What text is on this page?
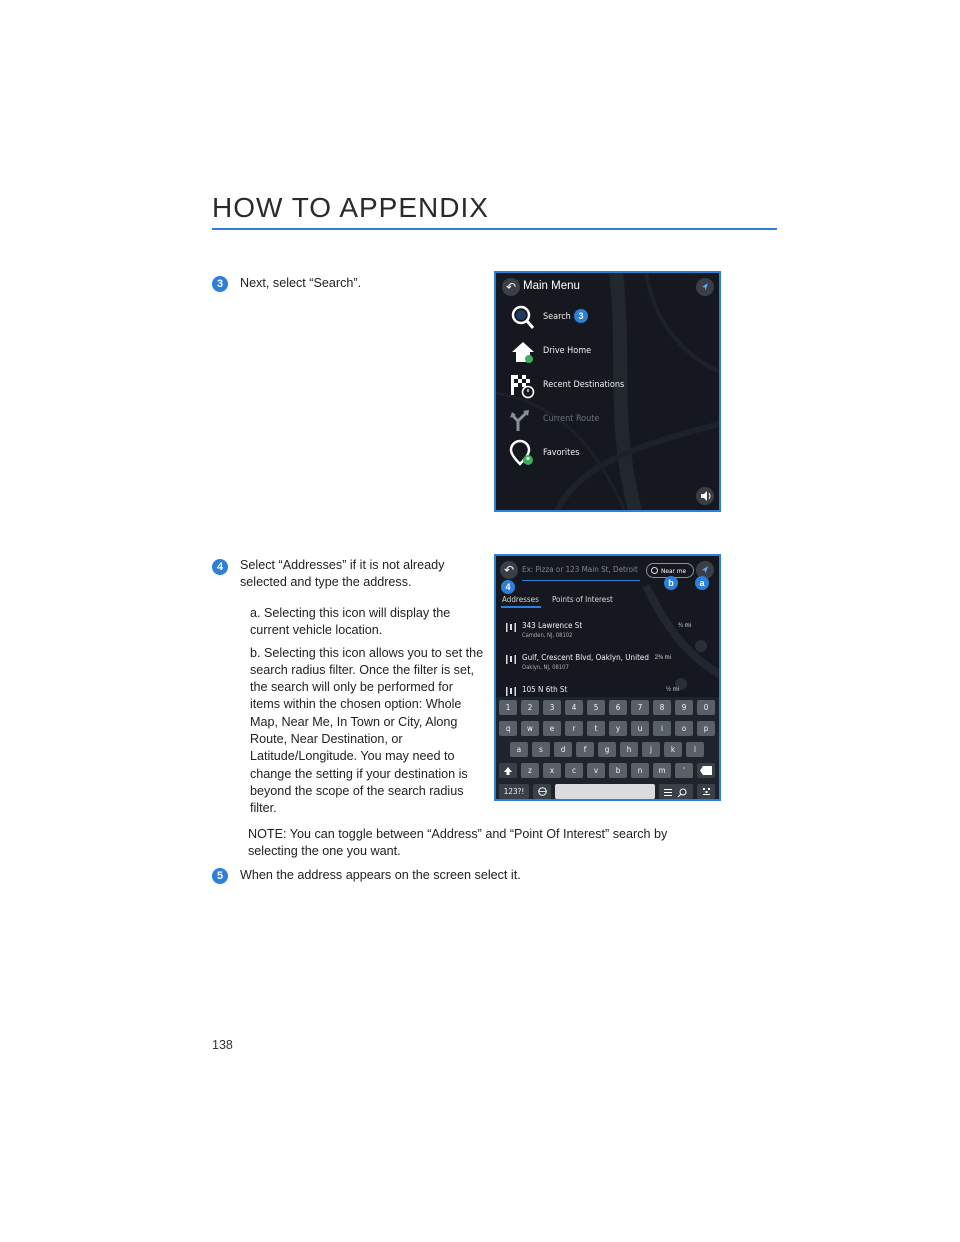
HOW TO APPENDIX
3	Next, select “Search”.	↶ Main Menu
Search 3
Drive Home
Recent Destinations
Current Route
Favorites
4	Select “Addresses” if it is not already
selected and type the address.
a. Selecting this icon will display the
current vehicle location.
b. Selecting this icon allows you to set the
search radius filter. Once the filter is set,
the search will only be performed for
items within the chosen option: Whole
Map, Near Me, In Town or City, Along
Route, Near Destination, or
Latitude/Longitude. You may need to
change the setting if your destination is
beyond the scope of the search radius
filter.
↶ Ex: Pizza or 123 Main St, Detroit	Near me
4	b	a
Addresses Points of Interest
343 Lawrence St
Camden, NJ, 08102
¾ mi
Gulf, Crescent Blvd, Oaklyn, United
Oaklyn, NJ, 08107
2⅜ mi
105 N 6th St	½ mi
1	2	3	4	5	6	7	8	9	0
q	w	e	r	t	y	u	i	o	p
a	s	d	f	g	h	j	k	l
z	x	c	v	b	n	m	'
123?!
NOTE: You can toggle between “Address” and “Point Of Interest” search by
selecting the one you want.
5	When the address appears on the screen select it.
138
